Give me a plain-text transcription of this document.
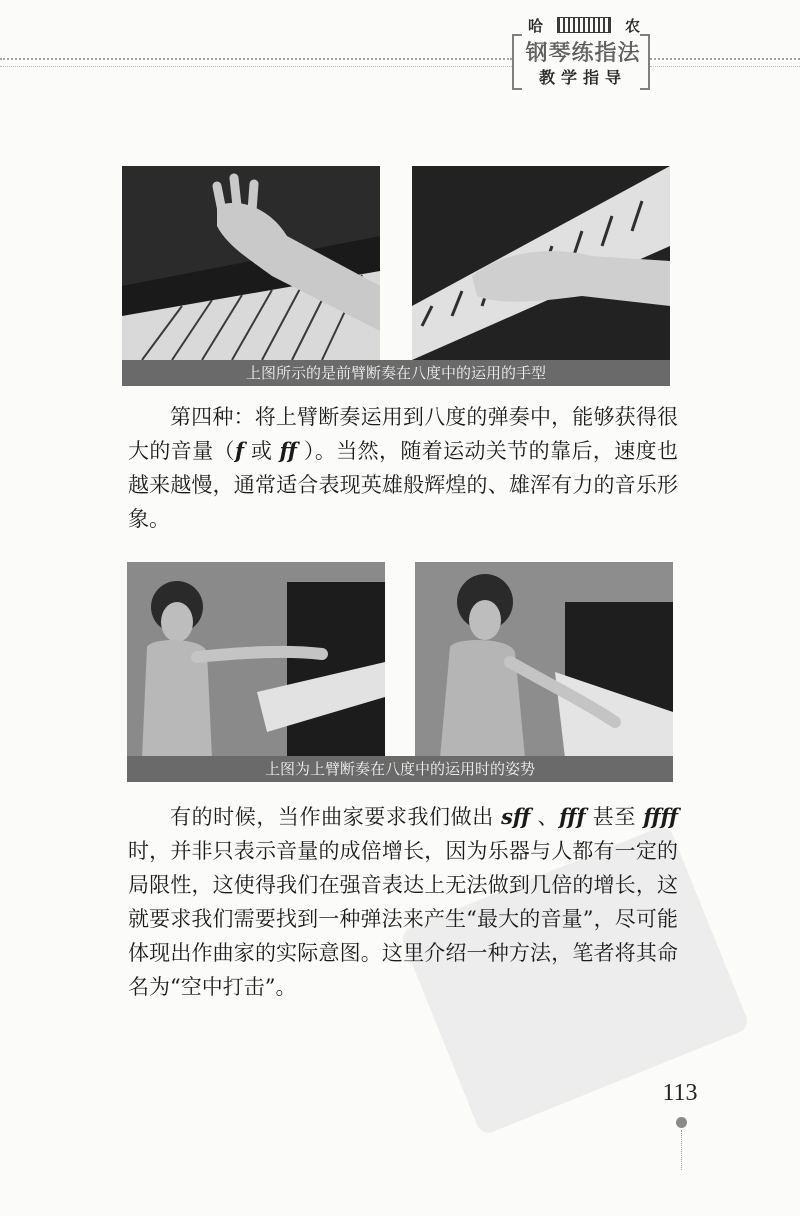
哈	农
钢琴练指法
教学指导
上图所示的是前臂断奏在八度中的运用的手型

第四种：将上臂断奏运用到八度的弹奏中，能够获得很大的音量（f 或 ff ）。当然，随着运动关节的靠后，速度也越来越慢，通常适合表现英雄般辉煌的、雄浑有力的音乐形象。

上图为上臂断奏在八度中的运用时的姿势

有的时候，当作曲家要求我们做出 sff 、fff 甚至 ffff 时，并非只表示音量的成倍增长，因为乐器与人都有一定的局限性，这使得我们在强音表达上无法做到几倍的增长，这就要求我们需要找到一种弹法来产生“最大的音量”，尽可能体现出作曲家的实际意图。这里介绍一种方法，笔者将其命名为“空中打击”。

113
